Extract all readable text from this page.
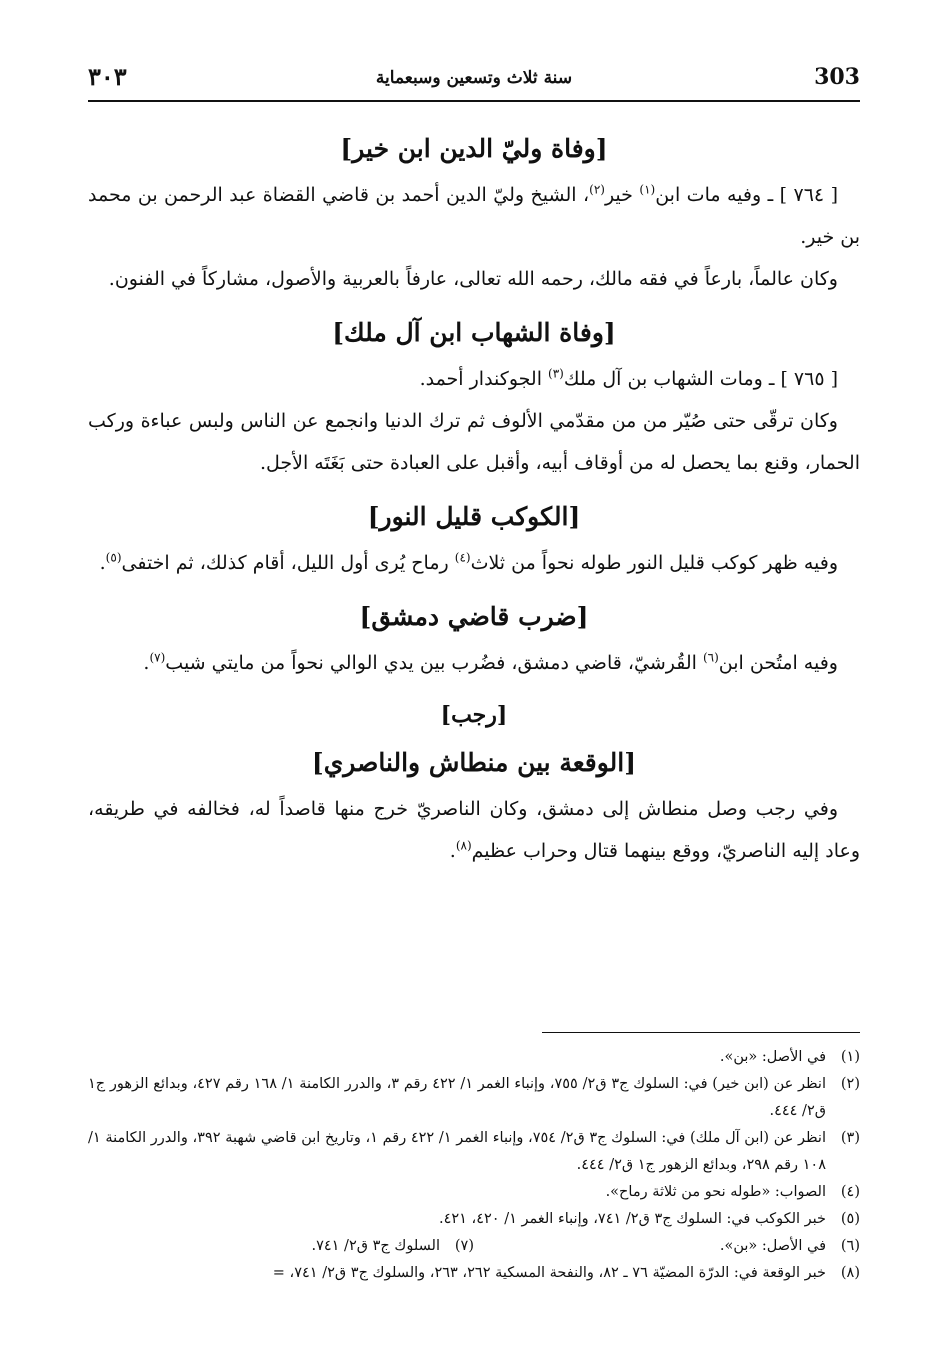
303
سنة ثلاث وتسعين وسبعماية
٣٠٣
[وفاة وليّ الدين ابن خير]

[ ٧٦٤ ] ـ وفيه مات ابن$^{(١)}$ خير$^{(٢)}$، الشيخ وليّ الدين أحمد بن قاضي القضاة عبد الرحمن بن محمد بن خير.

وكان عالماً، بارعاً في فقه مالك، رحمه الله تعالى، عارفاً بالعربية والأصول، مشاركاً في الفنون.

[وفاة الشهاب ابن آل ملك]

[ ٧٦٥ ] ـ ومات الشهاب بن آل ملك$^{(٣)}$ الجوكندار أحمد.

وكان ترقّى حتى صُيّر من من مقدّمي الألوف ثم ترك الدنيا وانجمع عن الناس ولبس عباءة وركب الحمار، وقنع بما يحصل له من أوقاف أبيه، وأقبل على العبادة حتى بَغَتَه الأجل.

[الكوكب قليل النور]

وفيه ظهر كوكب قليل النور طوله نحواً من ثلاث$^{(٤)}$ رماح يُرى أول الليل، أقام كذلك، ثم اختفى$^{(٥)}$.

[ضرب قاضي دمشق]

وفيه امتُحن ابن$^{(٦)}$ القُرشيّ، قاضي دمشق، فضُرب بين يدي الوالي نحواً من مايتي شيب$^{(٧)}$.

[رجب]
[الوقعة بين منطاش والناصري]

وفي رجب وصل منطاش إلى دمشق، وكان الناصريّ خرج منها قاصداً له، فخالفه في طريقه، وعاد إليه الناصريّ، ووقع بينهما قتال وحراب عظيم$^{(٨)}$.

(١)
في الأصل: «بن».
(٢)
انظر عن (ابن خير) في: السلوك ج٣ ق٢/ ٧٥٥، وإنباء الغمر ١/ ٤٢٢ رقم ٣، والدرر الكامنة ١/ ١٦٨ رقم ٤٢٧، وبدائع الزهور ج١ ق٢/ ٤٤٤.
(٣)
انظر عن (ابن آل ملك) في: السلوك ج٣ ق٢/ ٧٥٤، وإنباء الغمر ١/ ٤٢٢ رقم ١، وتاريخ ابن قاضي شهبة ٣٩٢، والدرر الكامنة ١/ ١٠٨ رقم ٢٩٨، وبدائع الزهور ج١ ق٢/ ٤٤٤.
(٤)
الصواب: «طوله نحو من ثلاثة رماح».
(٥)
خبر الكوكب في: السلوك ج٣ ق٢/ ٧٤١، وإنباء الغمر ١/ ٤٢٠، ٤٢١.
(٦)
في الأصل: «بن».
(٧)
السلوك ج٣ ق٢/ ٧٤١.
(٨)
خبر الوقعة في: الدرّة المضيّة ٧٦ ـ ٨٢، والنفحة المسكية ٢٦٢، ٢٦٣، والسلوك ج٣ ق٢/ ٧٤١، =
